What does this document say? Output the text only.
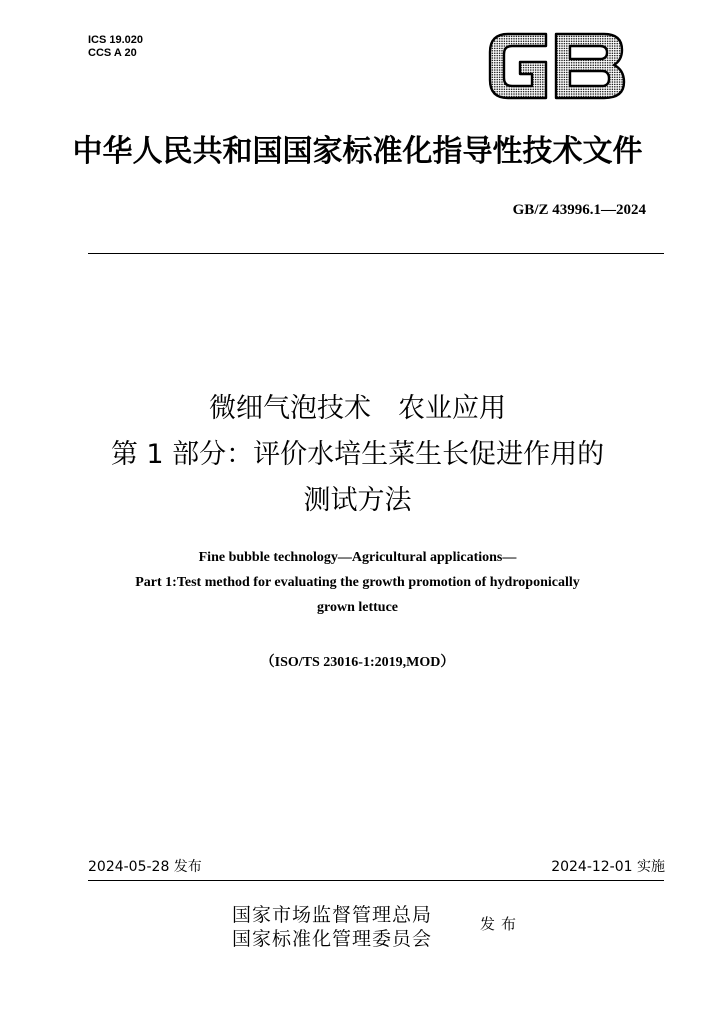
ICS 19.020
CCS A 20
中华人民共和国国家标准化指导性技术文件
GB/Z 43996.1—2024
微细气泡技术　农业应用
第 1 部分：评价水培生菜生长促进作用的
测试方法
Fine bubble technology—Agricultural applications—
Part 1:Test method for evaluating the growth promotion of hydroponically
grown lettuce
（ISO/TS 23016-1:2019,MOD）
2024-05-28 发布	2024-12-01 实施
国家市场监督管理总局
国家标准化管理委员会
发布
